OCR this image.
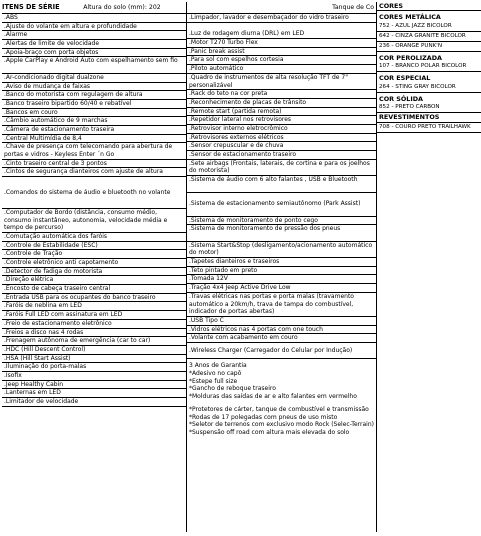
ITENS DE SÉRIE	Altura do solo (mm): 202
.ABS
.Ajuste do volante em altura e profundidade
.Alarme
.Alertas de limite de velocidade
.Apoia-braço com porta objetos
.Apple CarPlay e Android Auto com espelhamento sem fio
.Ar-condicionado digital dualzone
.Aviso de mudança de faixas
.Banco do motorista com regulagem de altura
.Banco traseiro bipartido 60/40 e rebatível
.Bancos em couro
.Câmbio automático de 9 marchas
.Câmera de estacionamento traseira
.Central Multimídia de 8,4
.Chave de presença com telecomando para abertura de portas e vidros - Keyless Enter ´n Go
.Cinto traseiro central de 3 pontos
.Cintos de segurança dianteiros com ajuste de altura
.Comandos do sistema de áudio e bluetooth no volante
.Computador de Bordo (distância, consumo médio, consumo instantâneo, autonomia, velocidade média e tempo de percurso)
.Comutação automática dos faróis
.Controle de Estabilidade (ESC)
.Controle de Tração
.Controle eletrônico anti capotamento
.Detector de fadiga do motorista
.Direção elétrica
.Encosto de cabeça traseiro central
.Entrada USB para os ocupantes do banco traseiro
.Faróis de neblina em LED
.Faróis Full LED com assinatura em LED
.Freio de estacionamento eletrônico
.Freios a disco nas 4 rodas
.Frenagem autônoma de emergência (car to car)
.HDC (Hill Descent Control)
.HSA (Hill Start Assist)
.Iluminação do porta-malas
.Isofix
.Jeep Healthy Cabin
.Lanternas em LED
.Limitador de velocidade
Tanque de Co
.Limpador, lavador e desembaçador do vidro traseiro
.Luz de rodagem diurna (DRL) em LED
.Motor T270 Turbo Flex
.Panic break assist
.Para sol com espelhos cortesia
.Piloto automático
.Quadro de instrumentos de alta resolução TFT de 7" personalizável
.Rack do teto na cor preta
.Reconhecimento de placas de trânsito
.Remote start (partida remota)
.Repetidor lateral nos retrovisores
.Retrovisor interno eletrocrômico
.Retrovisores externos elétricos
.Sensor crepuscular e de chuva
.Sensor de estacionamento traseiro
.Sete airbags (Frontais, laterais, de cortina e para os joelhos do motorista)
.Sistema de áudio com 6 alto falantes , USB e Bluetooth
.Sistema de estacionamento semiautônomo (Park Assist)
.Sistema de monitoramento de ponto cego
.Sistema de monitoramento de pressão dos pneus
.Sistema Start&Stop (desligamento/acionamento automático do motor)
.Tapetes dianteiros e traseiros
.Teto pintado em preto
.Tomada 12V
.Tração 4x4 Jeep Active Drive Low
.Travas elétricas nas portas e porta malas (travamento automático a 20km/h, trava de tampa do combustível, indicador de portas abertas)
.USB Tipo C
.Vidros elétricos nas 4 portas com one touch
.Volante com acabamento em couro
.Wireless Charger (Carregador do Celular por Indução)
3 Anos de Garantia
*Adesivo no capô
*Estepe full size
*Gancho de reboque traseiro
*Molduras das saídas de ar e alto falantes em vermelho
*Protetores de cárter, tanque de combustível e transmissão
*Rodas de 17 polegadas com pneus de uso misto
*Seletor de terrenos com exclusivo modo Rock (Selec-Terrain)
*Suspensão off road com altura mais elevada do solo
CORES
CORES METÁLICA
752 - AZUL JAZZ BICOLOR
642 - CINZA GRANITE BICOLOR
236 - ORANGE PUNK'N
COR PEROLIZADA
107 - BRANCO POLAR BICOLOR
COR ESPECIAL
264 - STING GRAY BICOLOR
COR SÓLIDA
852 - PRETO CARBON
REVESTIMENTOS
708 - COURO PRETO TRAILHAWK
